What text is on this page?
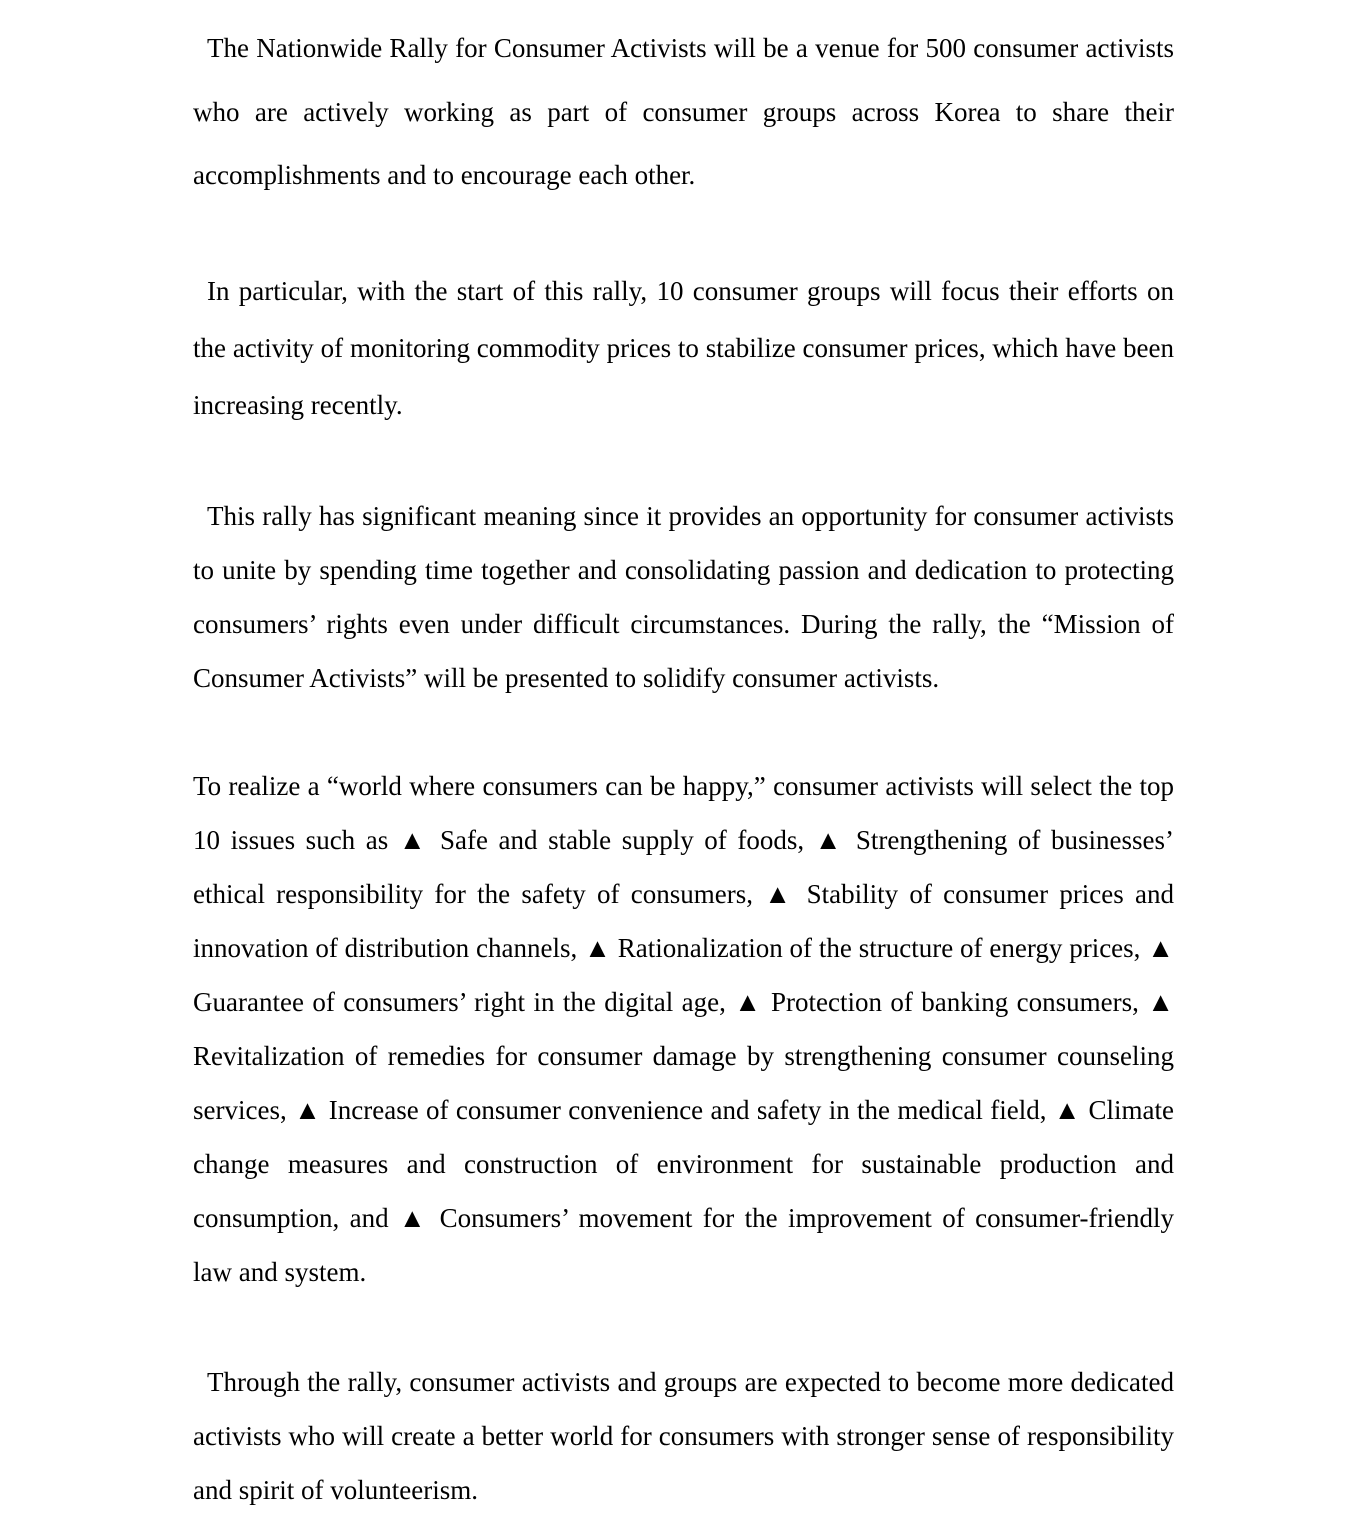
The Nationwide Rally for Consumer Activists will be a venue for 500 consumer activists who are actively working as part of consumer groups across Korea to share their accomplishments and to encourage each other.

In particular, with the start of this rally, 10 consumer groups will focus their efforts on the activity of monitoring commodity prices to stabilize consumer prices, which have been increasing recently.

This rally has significant meaning since it provides an opportunity for consumer activists to unite by spending time together and consolidating passion and dedication to protecting consumers’ rights even under difficult circumstances. During the rally, the “Mission of Consumer Activists” will be presented to solidify consumer activists.

To realize a “world where consumers can be happy,” consumer activists will select the top 10 issues such as ▲ Safe and stable supply of foods, ▲ Strengthening of businesses’ ethical responsibility for the safety of consumers, ▲ Stability of consumer prices and innovation of distribution channels, ▲ Rationalization of the structure of energy prices, ▲ Guarantee of consumers’ right in the digital age, ▲ Protection of banking consumers, ▲ Revitalization of remedies for consumer damage by strengthening consumer counseling services, ▲ Increase of consumer convenience and safety in the medical field, ▲ Climate change measures and construction of environment for sustainable production and consumption, and ▲ Consumers’ movement for the improvement of consumer-friendly law and system.

Through the rally, consumer activists and groups are expected to become more dedicated activists who will create a better world for consumers with stronger sense of responsibility and spirit of volunteerism.
